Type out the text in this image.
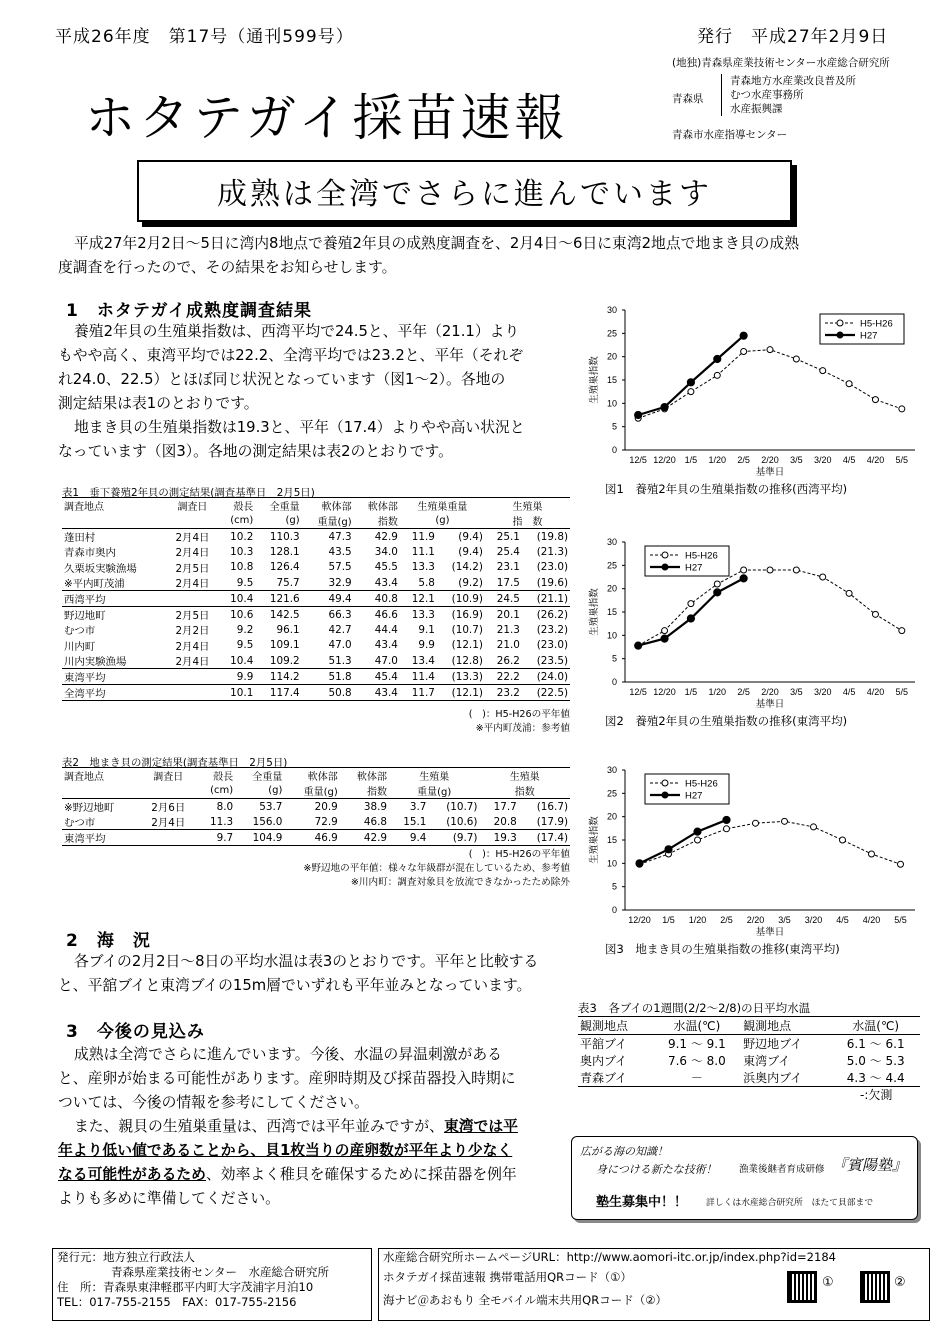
平成26年度　第17号（通刊599号）	発行　平成27年2月9日
ホタテガイ採苗速報
(地独)青森県産業技術センター水産総合研究所
青森県
青森地方水産業改良普及所
むつ水産事務所
水産振興課
青森市水産指導センター
成熟は全湾でさらに進んでいます
平成27年2月2日～5日に湾内8地点で養殖2年貝の成熟度調査を、2月4日～6日に東湾2地点で地まき貝の成熟
度調査を行ったので、その結果をお知らせします。
1　ホタテガイ成熟度調査結果
養殖2年貝の生殖巣指数は、西湾平均で24.5と、平年（21.1）より
もやや高く、東湾平均では22.2、全湾平均では23.2と、平年（それぞ
れ24.0、22.5）とほぼ同じ状況となっています（図1～2）。各地の
測定結果は表1のとおりです。
地まき貝の生殖巣指数は19.3と、平年（17.4）よりやや高い状況と
なっています（図3）。各地の測定結果は表2のとおりです。
表1　垂下養殖2年貝の測定結果(調査基準日　2月5日)
調査地点	調査日	殻長	全重量	軟体部	軟体部	生殖巣重量		生殖巣	
		(cm)	(g)	重量(g)	指数	(g)		指　数	
蓬田村	2月4日	10.2	110.3	47.3	42.9	11.9	(9.4)	25.1	(19.8)
青森市奥内	2月4日	10.3	128.1	43.5	34.0	11.1	(9.4)	25.4	(21.3)
久栗坂実験漁場	2月5日	10.8	126.4	57.5	45.5	13.3	(14.2)	23.1	(23.0)
※平内町茂浦	2月4日	9.5	75.7	32.9	43.4	5.8	(9.2)	17.5	(19.6)
西湾平均		10.4	121.6	49.4	40.8	12.1	(10.9)	24.5	(21.1)
野辺地町	2月5日	10.6	142.5	66.3	46.6	13.3	(16.9)	20.1	(26.2)
むつ市	2月2日	9.2	96.1	42.7	44.4	9.1	(10.7)	21.3	(23.2)
川内町	2月4日	9.5	109.1	47.0	43.4	9.9	(12.1)	21.0	(23.0)
川内実験漁場	2月4日	10.4	109.2	51.3	47.0	13.4	(12.8)	26.2	(23.5)
東湾平均		9.9	114.2	51.8	45.4	11.4	(13.3)	22.2	(24.0)
全湾平均		10.1	117.4	50.8	43.4	11.7	(12.1)	23.2	(22.5)
(　)：H5-H26の平年値
※平内町茂浦：参考値
表2　地まき貝の測定結果(調査基準日　2月5日)
調査地点	調査日	殻長	全重量	軟体部	軟体部	生殖巣		生殖巣	
		(cm)	(g)	重量(g)	指数	重量(g)		指数	
※野辺地町	2月6日	8.0	53.7	20.9	38.9	3.7	(10.7)	17.7	(16.7)
むつ市	2月4日	11.3	156.0	72.9	46.8	15.1	(10.6)	20.8	(17.9)
東湾平均		9.7	104.9	46.9	42.9	9.4	(9.7)	19.3	(17.4)
(　)：H5-H26の平年値
※野辺地の平年値：様々な年級群が混在しているため、参考値
※川内町：調査対象貝を放流できなかったため除外
2　海　況
各ブイの2月2日～8日の平均水温は表3のとおりです。平年と比較する
と、平舘ブイと東湾ブイの15m層でいずれも平年並みとなっています。
3　今後の見込み
成熟は全湾でさらに進んでいます。今後、水温の昇温刺激がある
と、産卵が始まる可能性があります。産卵時期及び採苗器投入時期に
ついては、今後の情報を参考にしてください。
また、親貝の生殖巣重量は、西湾では平年並みですが、東湾では平
年より低い値であることから、貝1枚当りの産卵数が平年より少なく
なる可能性があるため、効率よく稚貝を確保するために採苗器を例年
よりも多めに準備してください。
0
5
10
15
20
25
30
12/5 12/20 1/5 1/20 2/5 2/20 3/5 3/20 4/5 4/20 5/5
基準日
生殖巣指数
図1　養殖2年貝の生殖巣指数の推移(西湾平均)
H5-H26
H27
0
5
10
15
20
25
30
12/5 12/20 1/5 1/20 2/5 2/20 3/5 3/20 4/5 4/20 5/5
基準日
生殖巣指数
図2　養殖2年貝の生殖巣指数の推移(東湾平均)
H5-H26
H27
0
5
10
15
20
25
30
12/20 1/5 1/20 2/5 2/20 3/5 3/20 4/5 4/20 5/5
基準日
生殖巣指数
図3　地まき貝の生殖巣指数の推移(東湾平均)
H5-H26
H27
表3　各ブイの1週間(2/2～2/8)の日平均水温
観測地点	水温(℃)	観測地点	水温(℃)
平舘ブイ	9.1 ～ 9.1	野辺地ブイ	6.1 ～ 6.1
奥内ブイ	7.6 ～ 8.0	東湾ブイ	5.0 ～ 5.3
青森ブイ	－	浜奥内ブイ	4.3 ～ 4.4
-:欠測
広がる海の知識！
身につける新たな技術！ 漁業後継者育成研修 『賓陽塾』
塾生募集中！！ 詳しくは水産総合研究所　ほたて貝部まで
発行元：地方独立行政法人
青森県産業技術センター　水産総合研究所
住　所：青森県東津軽郡平内町大字茂浦字月泊10
TEL：017-755-2155　FAX：017-755-2156
水産総合研究所ホームページURL：http://www.aomori-itc.or.jp/index.php?id=2184
ホタテガイ採苗速報 携帯電話用QRコード（①）
海ナビ＠あおもり 全モバイル端末共用QRコード（②）
①	②
